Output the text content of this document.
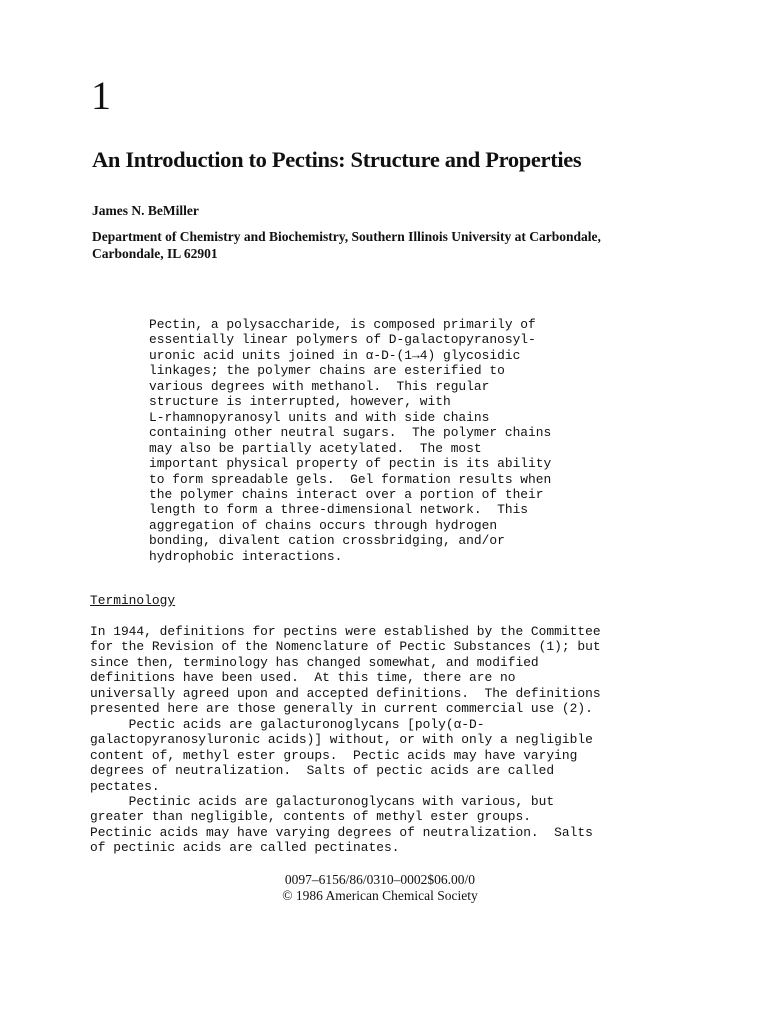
1
An Introduction to Pectins: Structure and Properties
James N. BeMiller
Department of Chemistry and Biochemistry, Southern Illinois University at Carbondale,
Carbondale, IL 62901
Pectin, a polysaccharide, is composed primarily of
essentially linear polymers of D-galactopyranosyl-
uronic acid units joined in α-D-(1→4) glycosidic
linkages; the polymer chains are esterified to
various degrees with methanol.  This regular
structure is interrupted, however, with
L-rhamnopyranosyl units and with side chains
containing other neutral sugars.  The polymer chains
may also be partially acetylated.  The most
important physical property of pectin is its ability
to form spreadable gels.  Gel formation results when
the polymer chains interact over a portion of their
length to form a three-dimensional network.  This
aggregation of chains occurs through hydrogen
bonding, divalent cation crossbridging, and/or
hydrophobic interactions.
Terminology
In 1944, definitions for pectins were established by the Committee
for the Revision of the Nomenclature of Pectic Substances (1); but
since then, terminology has changed somewhat, and modified
definitions have been used.  At this time, there are no
universally agreed upon and accepted definitions.  The definitions
presented here are those generally in current commercial use (2).
Pectic acids are galacturonoglycans [poly(α-D-
galactopyranosyluronic acids)] without, or with only a negligible
content of, methyl ester groups.  Pectic acids may have varying
degrees of neutralization.  Salts of pectic acids are called
pectates.
Pectinic acids are galacturonoglycans with various, but
greater than negligible, contents of methyl ester groups.
Pectinic acids may have varying degrees of neutralization.  Salts
of pectinic acids are called pectinates.
0097–6156/86/0310–0002$06.00/0
© 1986 American Chemical Society
